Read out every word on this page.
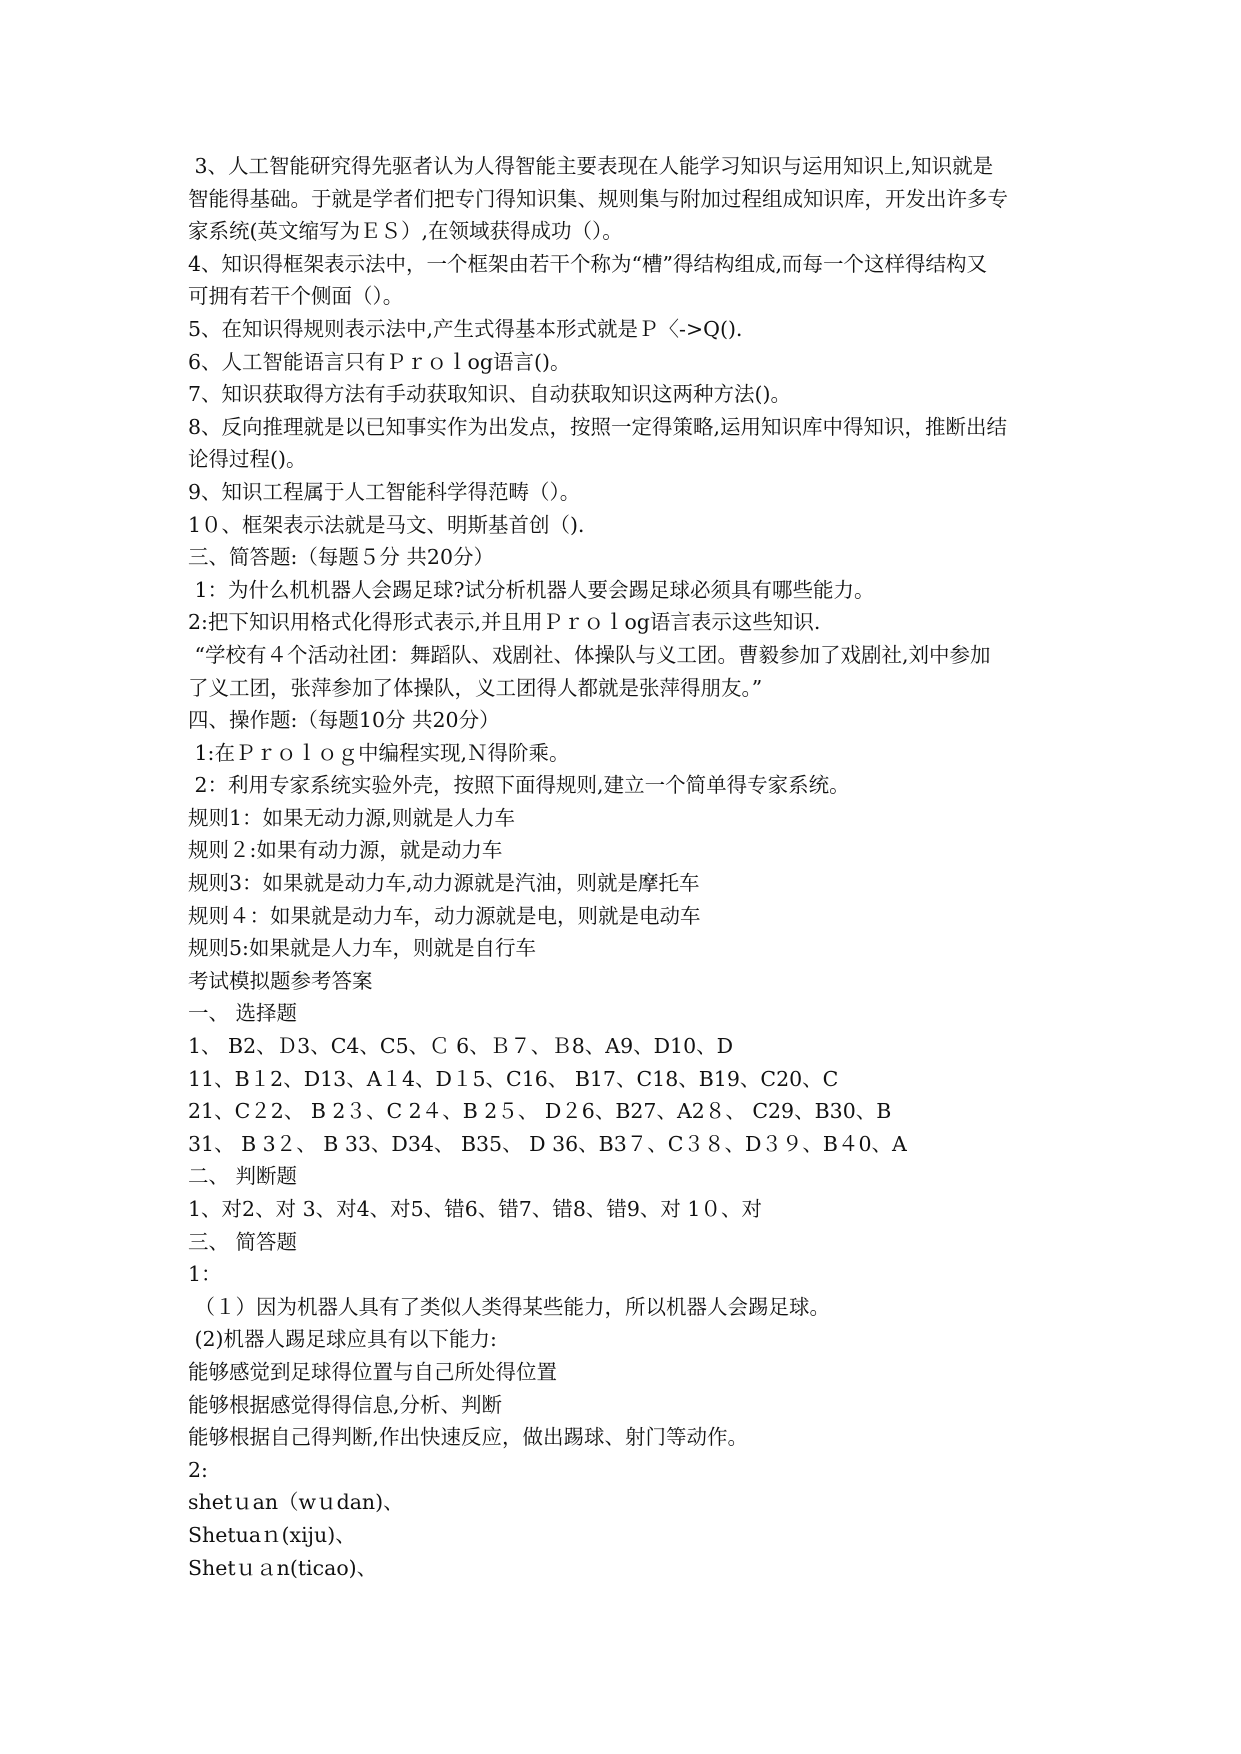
3、人工智能研究得先驱者认为人得智能主要表现在人能学习知识与运用知识上,知识就是
智能得基础。于就是学者们把专门得知识集、规则集与附加过程组成知识库，开发出许多专
家系统(英文缩写为ＥＳ）,在领域获得成功（）。
4、知识得框架表示法中，一个框架由若干个称为“槽”得结构组成,而每一个这样得结构又
可拥有若干个侧面（）。
5、在知识得规则表示法中,产生式得基本形式就是Ｐ〈->Q()．
6、人工智能语言只有Ｐｒｏｌog语言()。
7、知识获取得方法有手动获取知识、自动获取知识这两种方法()。
8、反向推理就是以已知事实作为出发点，按照一定得策略,运用知识库中得知识，推断出结
论得过程()。
9、知识工程属于人工智能科学得范畴（）。
1０、框架表示法就是马文、明斯基首创（)．
三、简答题:（每题５分 共20分）
1：为什么机机器人会踢足球?试分析机器人要会踢足球必须具有哪些能力。
2:把下知识用格式化得形式表示,并且用Ｐｒｏｌog语言表示这些知识.
“学校有４个活动社团：舞蹈队、戏剧社、体操队与义工团。曹毅参加了戏剧社,刘中参加
了义工团，张萍参加了体操队，义工团得人都就是张萍得朋友。”
四、操作题:（每题10分 共20分）
1:在Ｐｒｏｌｏｇ中编程实现,Ｎ得阶乘。
2：利用专家系统实验外壳，按照下面得规则,建立一个简单得专家系统。
规则1：如果无动力源,则就是人力车
规则２:如果有动力源，就是动力车
规则3：如果就是动力车,动力源就是汽油，则就是摩托车
规则４：如果就是动力车，动力源就是电，则就是电动车
规则5:如果就是人力车，则就是自行车
考试模拟题参考答案
一、 选择题
1、 B2、Ｄ3、C4、C5、Ｃ 6、Ｂ７、Ｂ8、A9、D10、D
11、B１2、D13、A１4、D１5、C16、 B17、C18、B19、C20、C
21、C２2、 B 2３、C 2４、B 2５、 D２6、B27、A2８、 C29、B30、B
31、 B 3２、 B 33、D34、 B35、 D 36、B3７、C３８、D３９、B４0、A
二、 判断题
1、对2、对 3、对4、对5、错6、错7、错8、错9、对 1０、对
三、 简答题
1：
（１）因为机器人具有了类似人类得某些能力，所以机器人会踢足球。
(2)机器人踢足球应具有以下能力:
能够感觉到足球得位置与自己所处得位置
能够根据感觉得得信息,分析、判断
能够根据自己得判断,作出快速反应，做出踢球、射门等动作。
2:
shetｕan（wｕdan)、
Shetuaｎ(xiju)、
Shetｕａn(ticao)、
